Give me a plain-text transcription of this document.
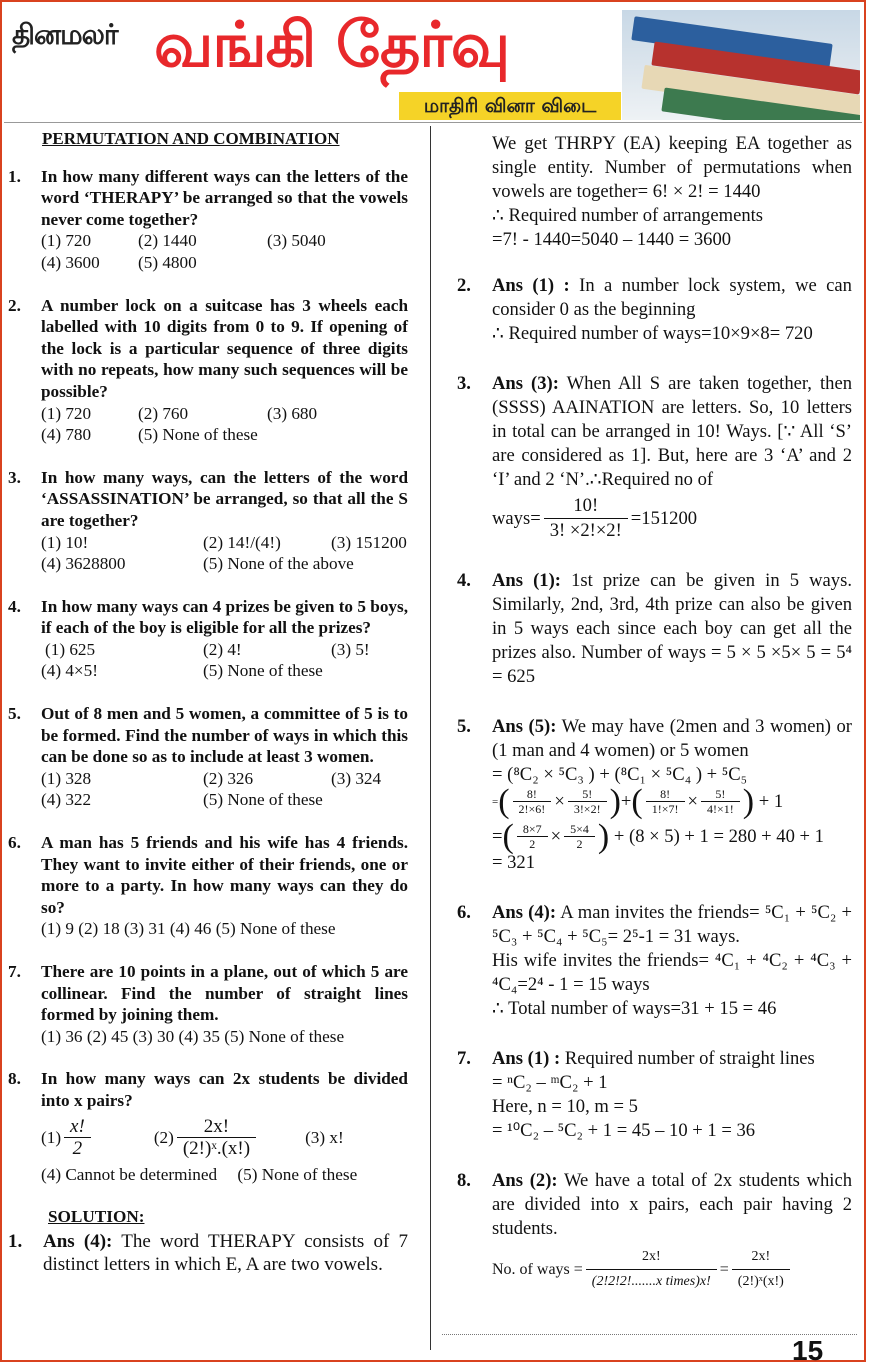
தினமலர் வங்கி தேர்வு
மாதிரி வினா விடை
PERMUTATION AND COMBINATION
1. In how many different ways can the letters of the word ‘THERAPY’ be arranged so that the vowels never come together?
(1) 720	(2) 1440	(3) 5040
(4) 3600	(5) 4800
2. A number lock on a suitcase has 3 wheels each labelled with 10 digits from 0 to 9. If opening of the lock is a particular sequence of three digits with no repeats, how many such sequences will be possible?
(1) 720	(2) 760	(3) 680
(4) 780	(5) None of these
3. In how many ways, can the letters of the word ‘ASSASSINATION’ be arranged, so that all the S are together?
(1) 10!	(2) 14!/(4!)	(3) 151200
(4) 3628800	(5) None of the above
4. In how many ways can 4 prizes be given to 5 boys, if each of the boy is eligible for all the prizes?
(1) 625	(2) 4!	(3) 5!
(4) 4×5!	(5) None of these
5. Out of 8 men and 5 women, a committee of 5 is to be formed. Find the number of ways in which this can be done so as to include at least 3 women.
(1) 328	(2) 326	(3) 324
(4) 322	(5) None of these
6. A man has 5 friends and his wife has 4 friends. They want to invite either of their friends, one or more to a party. In how many ways can they do so?
(1) 9 (2) 18 (3) 31 (4) 46 (5) None of these
7. There are 10 points in a plane, out of which 5 are collinear. Find the number of straight lines formed by joining them.
(1) 36 (2) 45 (3) 30 (4) 35 (5) None of these
8. In how many ways can 2x students be divided into x pairs?
$(1) \frac{x!}{2}$	$(2) \frac{2x!}{\text{(2!)ˣ.(x!)}}$	(3) x!
(4) Cannot be determined (5) None of these
SOLUTION:
1. Ans (4): The word THERAPY consists of 7 distinct letters in which E, A are two vowels.
We get THRPY (EA) keeping EA together as single entity. Number of permutations when vowels are together= 6! × 2! = 1440
∴ Required number of arrangements
=7! - 1440=5040 – 1440 = 3600
2. Ans (1) : In a number lock system, we can consider 0 as the beginning
∴ Required number of ways=10×9×8= 720
3. Ans (3): When All S are taken together, then (SSSS) AAINATION are letters. So, 10 letters in total can be arranged in 10! Ways. [∵ All ‘S’ are considered as 1]. But, here are 3 ‘A’ and 2 ‘I’ and 2 ‘N’.∴Required no of
ways= $\frac{10!}{3! \times 2!\times 2!} =151200$
4. Ans (1): 1st prize can be given in 5 ways. Similarly, 2nd, 3rd, 4th prize can also be given in 5 ways each since each boy can get all the prizes also. Number of ways = 5 × 5 ×5× 5 = 5⁴ = 625
5. Ans (5): We may have (2men and 3 women) or (1 man and 4 women) or 5 women
= (⁸C₂ × ⁵C₃ ) + (⁸C₁ × ⁵C₄ ) + ⁵C₅
= ( $\frac{8!}{2!\times 6!} \times \frac{5!}{3!\times 2!}$ ) + ( $\frac{8!}{1!\times 7!} \times \frac{5!}{4!\times 1!}$ )
+ 1
= ( $\frac{8\times 7}{2} \times \frac{5\times 4}{2}$ )
+ (8 × 5) + 1 = 280 + 40 + 1
= 321
6. Ans (4): A man invites the friends= ⁵C₁ + ⁵C₂ + ⁵C₃ + ⁵C₄ + ⁵C₅= 2⁵-1 = 31 ways.
His wife invites the friends= ⁴C₁ + ⁴C₂ + ⁴C₃ + ⁴C₄=2⁴ - 1 = 15 ways
∴ Total number of ways=31 + 15 = 46
7. Ans (1) : Required number of straight lines
= ⁿC₂ – ᵐC₂ + 1
Here, n = 10, m = 5
= ¹⁰C₂ – ⁵C₂ + 1 = 45 – 10 + 1 = 36
8. Ans (2): We have a total of 2x students which are divided into x pairs, each pair having 2 students.
No. of ways = $\frac{2x!}{\text{(2!2!2!.......x times)x!}} = \frac{2x!}{\text{(2!)ˣ(x!)}}$
15
